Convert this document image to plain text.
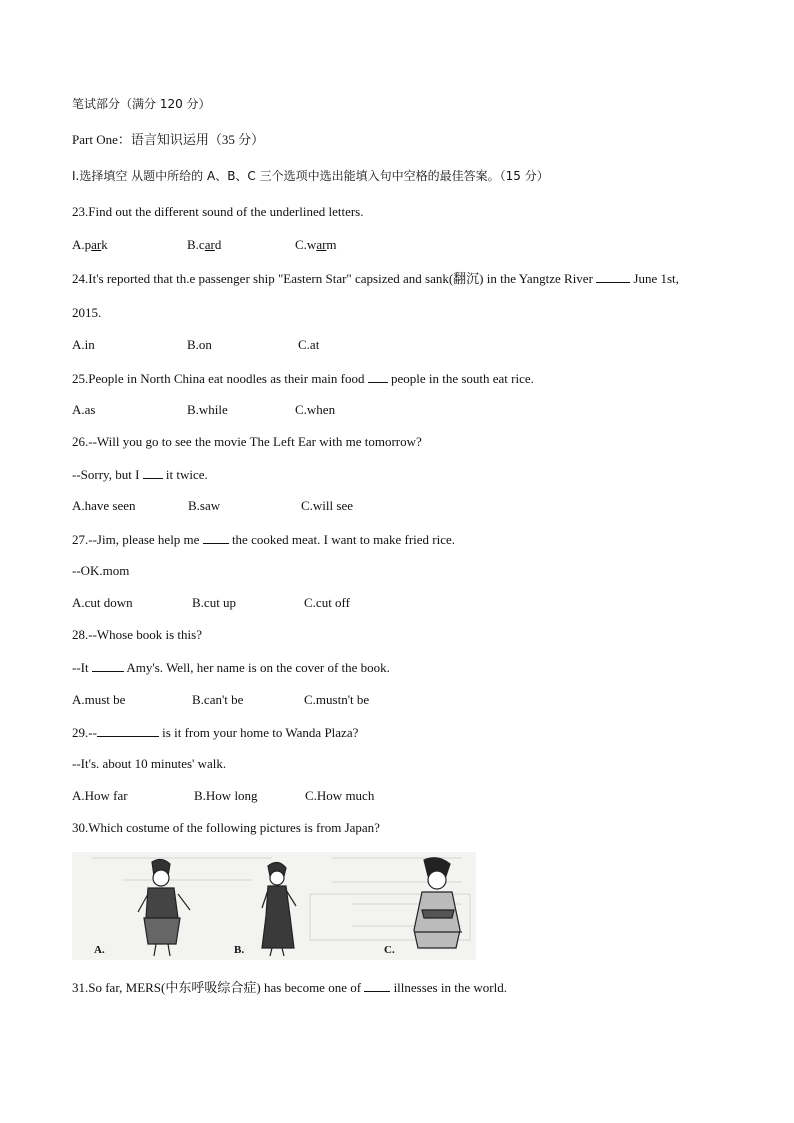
笔试部分（满分 120 分）
Part One：语言知识运用（35 分）
Ⅰ.选择填空 从题中所给的 A、B、C 三个选项中选出能填入句中空格的最佳答案。（15 分）
23.Find out the different sound of the underlined letters.
A.park	B.card	C.warm
24.It's reported that th.e passenger ship "Eastern Star" capsized and sank(翻沉) in the Yangtze River	June 1st,
2015.
A.in	B.on	C.at
25.People in North China eat noodles as their main food people in the south eat rice.
A.as	B.while	C.when
26.--Will you go to see the movie The Left Ear with me tomorrow?
--Sorry, but I it twice.
A.have seen	B.saw	C.will see
27.--Jim, please help me	the cooked meat. I want to make fried rice.
--OK.mom
A.cut down	B.cut up	C.cut off
28.--Whose book is this?
--It	Amy's. Well, her name is on the cover of the book.
A.must be	B.can't be	C.mustn't be
29.--	is it from your home to Wanda Plaza?
--It's. about 10 minutes' walk.
A.How far	B.How long	C.How much
30.Which costume of the following pictures is from Japan?
A.	B.	C.
31.So far, MERS(中东呼吸综合症) has become one of	illnesses in the world.
